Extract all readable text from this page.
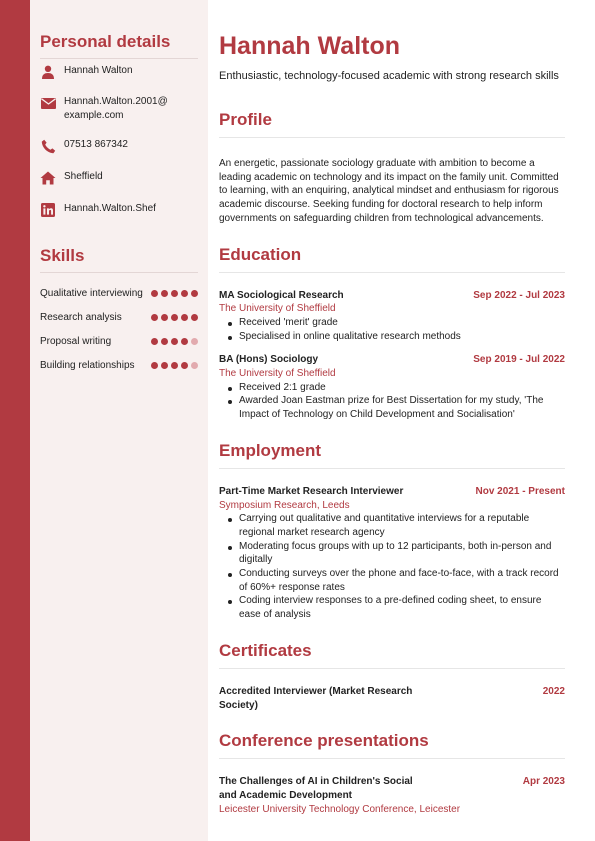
Personal details
Hannah Walton
Hannah.Walton.2001@
example.com
07513 867342
Sheffield
Hannah.Walton.Shef
Skills
Qualitative interviewing
Research analysis
Proposal writing
Building relationships
Hannah Walton

Enthusiastic, technology-focused academic with strong research skills

Profile

An energetic, passionate sociology graduate with ambition to become a leading academic on technology and its impact on the family unit. Committed to learning, with an enquiring, analytical mindset and enthusiasm for rigorous academic discourse. Seeking funding for doctoral research to help inform governments on safeguarding children from technological advancements.

Education
MA Sociological Research	Sep 2022 - Jul 2023
The University of Sheffield
Received 'merit' grade
Specialised in online qualitative research methods
BA (Hons) Sociology	Sep 2019 - Jul 2022
The University of Sheffield
Received 2:1 grade
Awarded Joan Eastman prize for Best Dissertation for my study, 'The Impact of Technology on Child Development and Socialisation'
Employment
Part-Time Market Research Interviewer	Nov 2021 - Present
Symposium Research, Leeds
Carrying out qualitative and quantitative interviews for a reputable regional market research agency
Moderating focus groups with up to 12 participants, both in-person and digitally
Conducting surveys over the phone and face-to-face, with a track record of 60%+ response rates
Coding interview responses to a pre-defined coding sheet, to ensure ease of analysis
Certificates
Accredited Interviewer (Market Research Society)
2022
Conference presentations
The Challenges of AI in Children's Social and Academic Development
Apr 2023
Leicester University Technology Conference, Leicester
